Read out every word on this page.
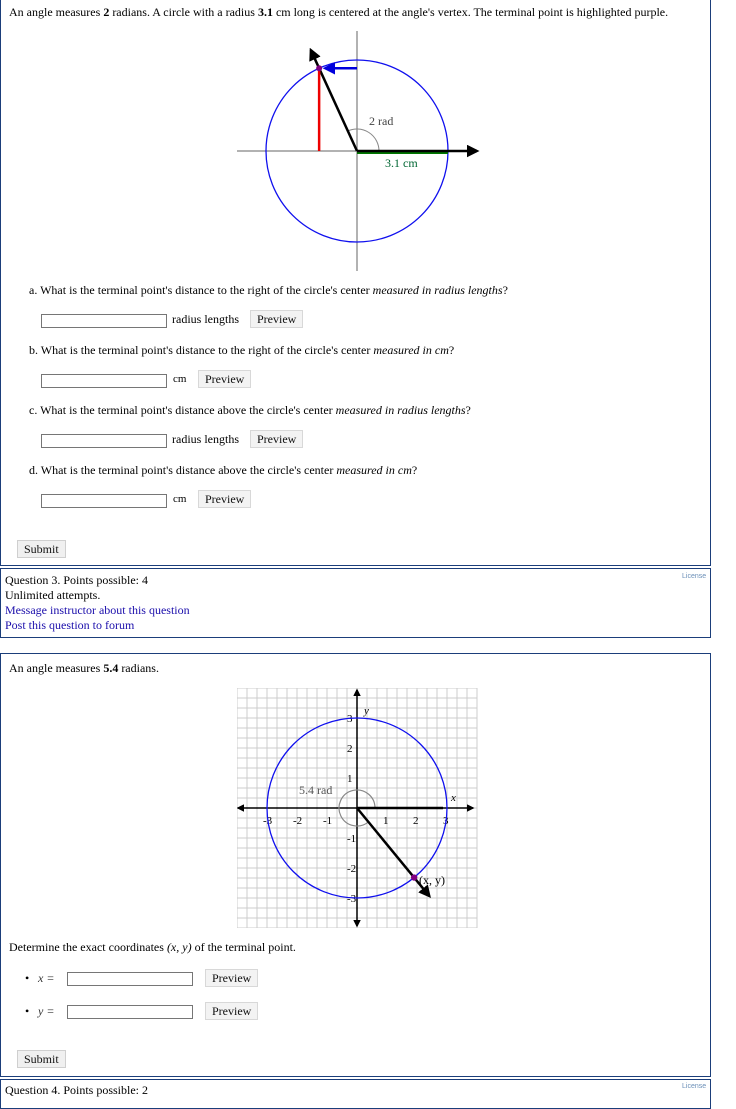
An angle measures 2 radians. A circle with a radius 3.1 cm long is centered at the angle's vertex. The terminal point is highlighted purple.
2 rad
3.1 cm
a. What is the terminal point's distance to the right of the circle's center measured in radius lengths?
radius lengths	Preview
b. What is the terminal point's distance to the right of the circle's center measured in cm?
cm	Preview
c. What is the terminal point's distance above the circle's center measured in radius lengths?
radius lengths	Preview
d. What is the terminal point's distance above the circle's center measured in cm?
cm	Preview
Submit
Question 3. Points possible: 4
Unlimited attempts.
Message instructor about this question
Post this question to forum
License
An angle measures 5.4 radians.
-3 -2 -1	1 2 3
3
2
1
-1
-2
-3
5.4 rad
x
y
(x, y)
Determine the exact coordinates (x, y) of the terminal point.
• x =	Preview
• y =	Preview
Submit
Question 4. Points possible: 2	License
